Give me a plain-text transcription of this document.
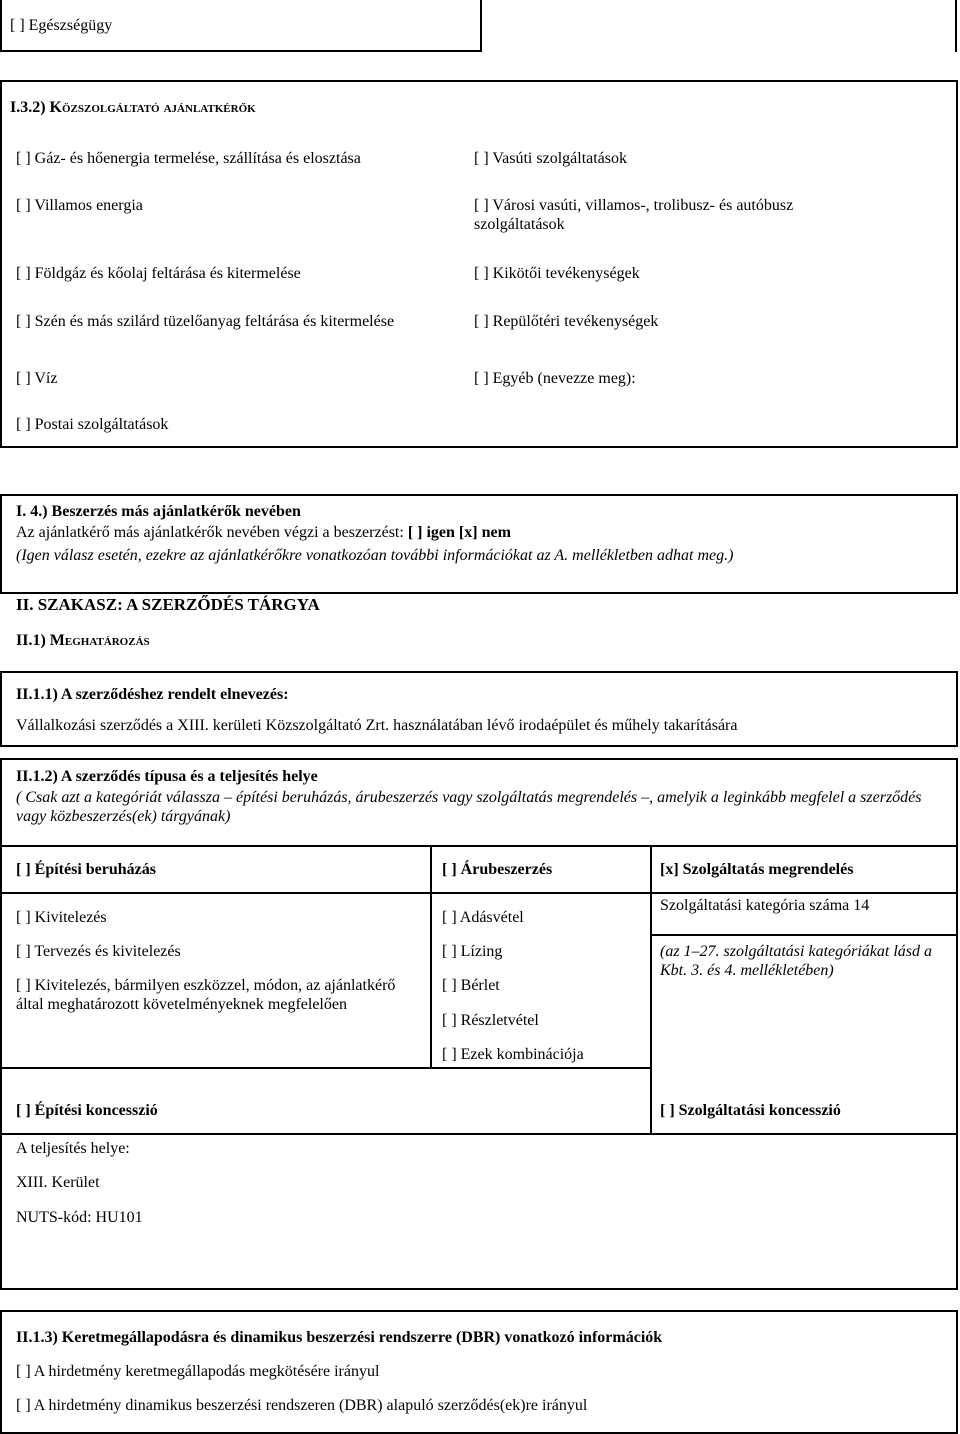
[ ] Egészségügy
I.3.2) Közszolgáltató ajánlatkérők
[ ] Gáz- és hőenergia termelése, szállítása és elosztása
[ ] Villamos energia
[ ] Földgáz és kőolaj feltárása és kitermelése
[ ] Szén és más szilárd tüzelőanyag feltárása és kitermelése
[ ] Víz
[ ] Postai szolgáltatások
[ ] Vasúti szolgáltatások
[ ] Városi vasúti, villamos-, trolibusz- és autóbusz szolgáltatások
[ ] Kikötői tevékenységek
[ ] Repülőtéri tevékenységek
[ ] Egyéb (nevezze meg):
I. 4.) Beszerzés más ajánlatkérők nevében
Az ajánlatkérő más ajánlatkérők nevében végzi a beszerzést: [ ] igen [x] nem
(Igen válasz esetén, ezekre az ajánlatkérőkre vonatkozóan további információkat az A. mellékletben adhat meg.)
II. SZAKASZ: A SZERZŐDÉS TÁRGYA
II.1) Meghatározás
II.1.1) A szerződéshez rendelt elnevezés:
Vállalkozási szerződés a XIII. kerületi Közszolgáltató Zrt. használatában lévő irodaépület és műhely takarítására
II.1.2) A szerződés típusa és a teljesítés helye
( Csak azt a kategóriát válassza – építési beruházás, árubeszerzés vagy szolgáltatás megrendelés –, amelyik a leginkább megfelel a szerződés vagy közbeszerzés(ek) tárgyának)
[ ] Építési beruházás	[ ] Árubeszerzés	[x] Szolgáltatás megrendelés
[ ] Kivitelezés
[ ] Tervezés és kivitelezés
[ ] Kivitelezés, bármilyen eszközzel, módon, az ajánlatkérő által meghatározott követelményeknek megfelelően
[ ] Adásvétel
[ ] Lízing
[ ] Bérlet
[ ] Részletvétel
[ ] Ezek kombinációja
Szolgáltatási kategória száma 14
(az 1–27. szolgáltatási kategóriákat lásd a Kbt. 3. és 4. mellékletében)
[ ] Építési koncesszió	[ ] Szolgáltatási koncesszió
A teljesítés helye:
XIII. Kerület
NUTS-kód: HU101
II.1.3) Keretmegállapodásra és dinamikus beszerzési rendszerre (DBR) vonatkozó információk
[ ] A hirdetmény keretmegállapodás megkötésére irányul
[ ] A hirdetmény dinamikus beszerzési rendszeren (DBR) alapuló szerződés(ek)re irányul
